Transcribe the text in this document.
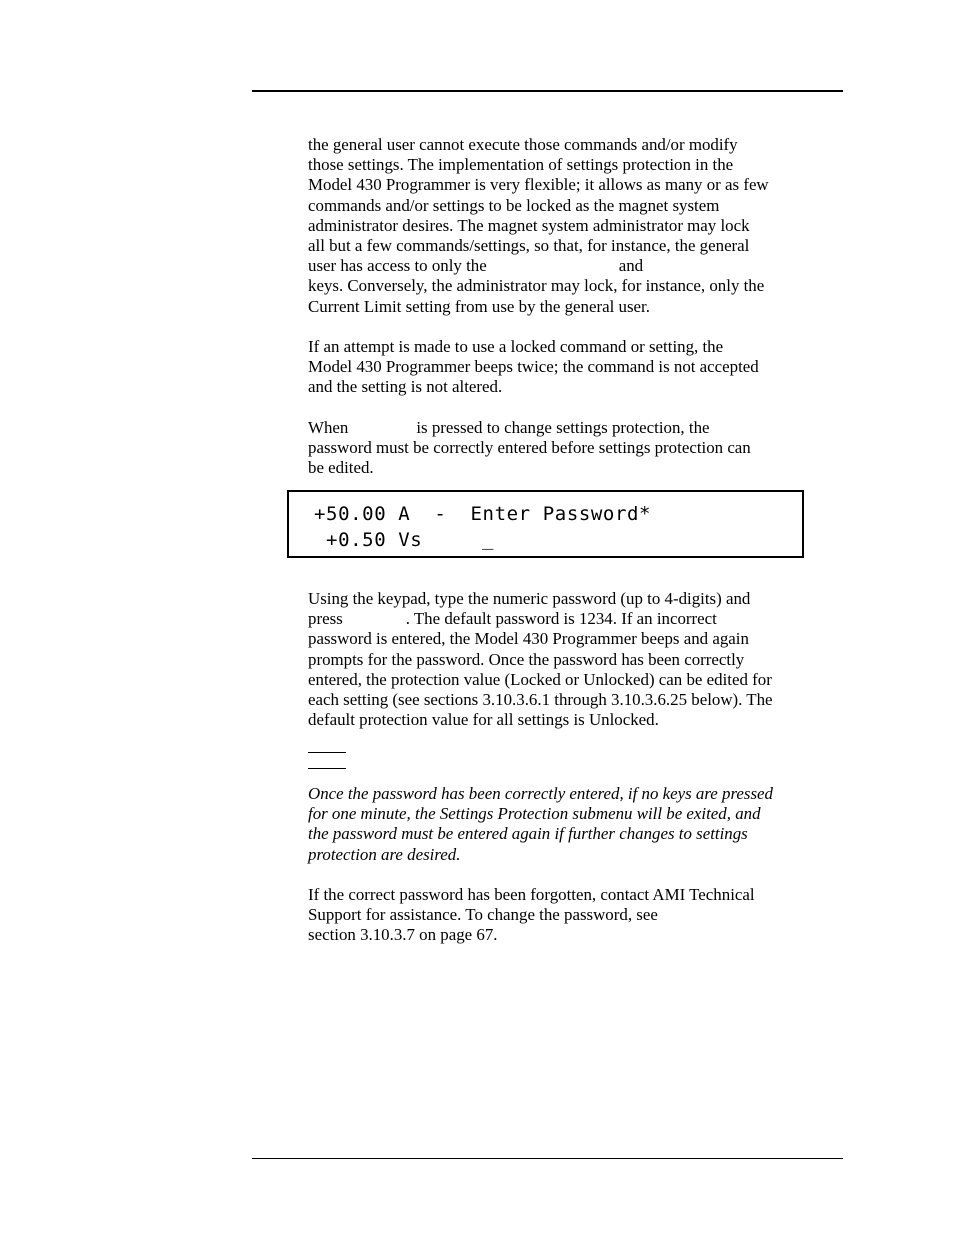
the general user cannot execute those commands and/or modify
those settings. The implementation of settings protection in the
Model 430 Programmer is very flexible; it allows as many or as few
commands and/or settings to be locked as the magnet system
administrator desires. The magnet system administrator may lock
all but a few commands/settings, so that, for instance, the general
user has access to only the	and
keys. Conversely, the administrator may lock, for instance, only the
Current Limit setting from use by the general user.
If an attempt is made to use a locked command or setting, the
Model 430 Programmer beeps twice; the command is not accepted
and the setting is not altered.
When	is pressed to change settings protection, the
password must be correctly entered before settings protection can
be edited.
+50.00 A  -  Enter Password*
+0.50 Vs	_
Using the keypad, type the numeric password (up to 4-digits) and
press	. The default password is 1234. If an incorrect
password is entered, the Model 430 Programmer beeps and again
prompts for the password. Once the password has been correctly
entered, the protection value (Locked or Unlocked) can be edited for
each setting (see sections 3.10.3.6.1 through 3.10.3.6.25 below). The
default protection value for all settings is Unlocked.
Once the password has been correctly entered, if no keys are pressed
for one minute, the Settings Protection submenu will be exited, and
the password must be entered again if further changes to settings
protection are desired.
If the correct password has been forgotten, contact AMI Technical
Support for assistance. To change the password, see
section 3.10.3.7 on page 67.
